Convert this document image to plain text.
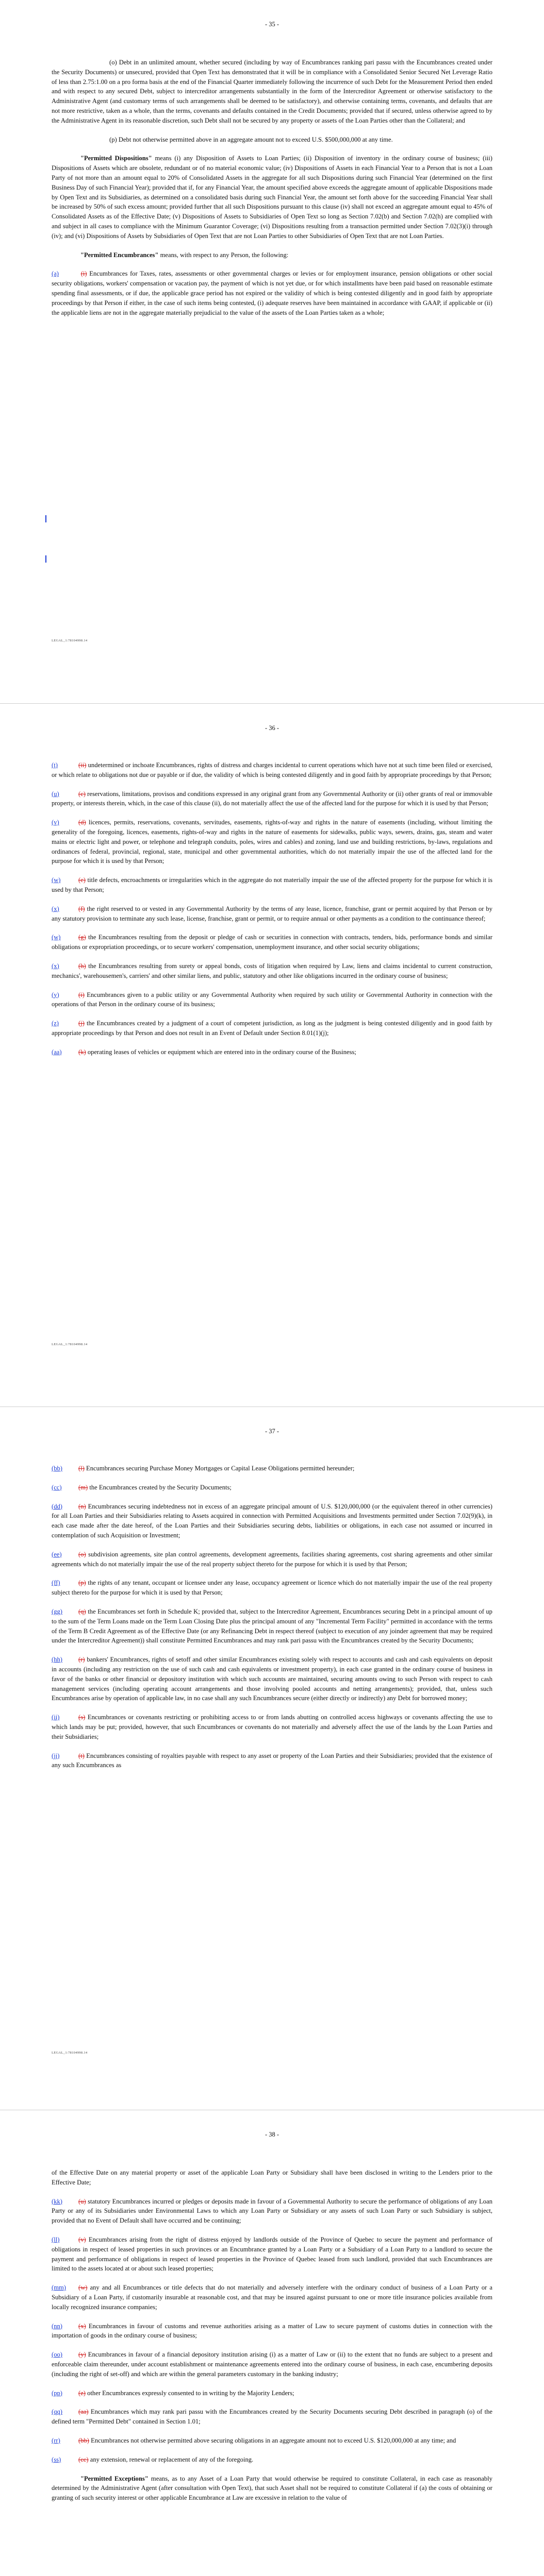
- 35 -

(o) Debt in an unlimited amount, whether secured (including by way of Encumbrances ranking pari passu with the Encumbrances created under the Security Documents) or unsecured, provided that Open Text has demonstrated that it will be in compliance with a Consolidated Senior Secured Net Leverage Ratio of less than 2.75:1.00 on a pro forma basis at the end of the Financial Quarter immediately following the incurrence of such Debt for the Measurement Period then ended and with respect to any secured Debt, subject to intercreditor arrangements substantially in the form of the Intercreditor Agreement or otherwise satisfactory to the Administrative Agent (and customary terms of such arrangements shall be deemed to be satisfactory), and otherwise containing terms, covenants, and defaults that are not more restrictive, taken as a whole, than the terms, covenants and defaults contained in the Credit Documents; provided that if secured, unless otherwise agreed to by the Administrative Agent in its reasonable discretion, such Debt shall not be secured by any property or assets of the Loan Parties other than the Collateral; and

(p) Debt not otherwise permitted above in an aggregate amount not to exceed U.S. $500,000,000 at any time.

"Permitted Dispositions" means (i) any Disposition of Assets to Loan Parties; (ii) Disposition of inventory in the ordinary course of business; (iii) Dispositions of Assets which are obsolete, redundant or of no material economic value; (iv) Dispositions of Assets in each Financial Year to a Person that is not a Loan Party of not more than an amount equal to 20% of Consolidated Assets in the aggregate for all such Dispositions during such Financial Year (determined on the first Business Day of such Financial Year); provided that if, for any Financial Year, the amount specified above exceeds the aggregate amount of applicable Dispositions made by Open Text and its Subsidiaries, as determined on a consolidated basis during such Financial Year, the amount set forth above for the succeeding Financial Year shall be increased by 50% of such excess amount; provided further that all such Dispositions pursuant to this clause (iv) shall not exceed an aggregate amount equal to 45% of Consolidated Assets as of the Effective Date; (v) Dispositions of Assets to Subsidiaries of Open Text so long as Section 7.02(b) and Section 7.02(h) are complied with and subject in all cases to compliance with the Minimum Guarantor Coverage; (vi) Dispositions resulting from a transaction permitted under Section 7.02(3)(i) through (iv); and (vi) Dispositions of Assets by Subsidiaries of Open Text that are not Loan Parties to other Subsidiaries of Open Text that are not Loan Parties.

"Permitted Encumbrances" means, with respect to any Person, the following:

(a)	(i) Encumbrances for Taxes, rates, assessments or other governmental charges or levies or for employment insurance, pension obligations or other social security obligations, workers' compensation or vacation pay, the payment of which is not yet due, or for which installments have been paid based on reasonable estimate spending final assessments, or if due, the applicable grace period has not expired or the validity of which is being contested diligently and in good faith by appropriate proceedings by that Person if either, in the case of such items being contested, (i) adequate reserves have been maintained in accordance with GAAP, if applicable or (ii) the applicable liens are not in the aggregate materially prejudicial to the value of the assets of the Loan Parties taken as a whole;

LEGAL_1:78104998.14
- 36 -

(t)	(ii) undetermined or inchoate Encumbrances, rights of distress and charges incidental to current operations which have not at such time been filed or exercised, or which relate to obligations not due or payable or if due, the validity of which is being contested diligently and in good faith by appropriate proceedings by that Person;

(u)	(c) reservations, limitations, provisos and conditions expressed in any original grant from any Governmental Authority or (ii) other grants of real or immovable property, or interests therein, which, in the case of this clause (ii), do not materially affect the use of the affected land for the purpose for which it is used by that Person;

(v)	(d) licences, permits, reservations, covenants, servitudes, easements, rights-of-way and rights in the nature of easements (including, without limiting the generality of the foregoing, licences, easements, rights-of-way and rights in the nature of easements for sidewalks, public ways, sewers, drains, gas, steam and water mains or electric light and power, or telephone and telegraph conduits, poles, wires and cables) and zoning, land use and building restrictions, by-laws, regulations and ordinances of federal, provincial, regional, state, municipal and other governmental authorities, which do not materially impair the use of the affected land for the purpose for which it is used by that Person;

(w)	(e) title defects, encroachments or irregularities which in the aggregate do not materially impair the use of the affected property for the purpose for which it is used by that Person;

(x)	(f) the right reserved to or vested in any Governmental Authority by the terms of any lease, licence, franchise, grant or permit acquired by that Person or by any statutory provision to terminate any such lease, license, franchise, grant or permit, or to require annual or other payments as a condition to the continuance thereof;

(w)	(g) the Encumbrances resulting from the deposit or pledge of cash or securities in connection with contracts, tenders, bids, performance bonds and similar obligations or expropriation proceedings, or to secure workers' compensation, unemployment insurance, and other social security obligations;

(x)	(h) the Encumbrances resulting from surety or appeal bonds, costs of litigation when required by Law, liens and claims incidental to current construction, mechanics', warehousemen's, carriers' and other similar liens, and public, statutory and other like obligations incurred in the ordinary course of business;

(y)	(i) Encumbrances given to a public utility or any Governmental Authority when required by such utility or Governmental Authority in connection with the operations of that Person in the ordinary course of its business;

(z)	(j) the Encumbrances created by a judgment of a court of competent jurisdiction, as long as the judgment is being contested diligently and in good faith by appropriate proceedings by that Person and does not result in an Event of Default under Section 8.01(1)(j);

(aa)	(k) operating leases of vehicles or equipment which are entered into in the ordinary course of the Business;

LEGAL_1:78104998.14
- 37 -

(bb) (l) Encumbrances securing Purchase Money Mortgages or Capital Lease Obligations permitted hereunder;

(cc)	(m) the Encumbrances created by the Security Documents;

(dd) (n) Encumbrances securing indebtedness not in excess of an aggregate principal amount of U.S. $120,000,000 (or the equivalent thereof in other currencies) for all Loan Parties and their Subsidiaries relating to Assets acquired in connection with Permitted Acquisitions and Investments permitted under Section 7.02(9)(k), in each case made after the date hereof, of the Loan Parties and their Subsidiaries securing debts, liabilities or obligations, in each case not assumed or incurred in contemplation of such Acquisition or Investment;

(ee)	(o) subdivision agreements, site plan control agreements, development agreements, facilities sharing agreements, cost sharing agreements and other similar agreements which do not materially impair the use of the real property subject thereto for the purpose for which it is used by that Person;

(ff)	(p) the rights of any tenant, occupant or licensee under any lease, occupancy agreement or licence which do not materially impair the use of the real property subject thereto for the purpose for which it is used by that Person;

(gg) (q) the Encumbrances set forth in Schedule K; provided that, subject to the Intercreditor Agreement, Encumbrances securing Debt in a principal amount of up to the sum of the Term Loans made on the Term Loan Closing Date plus the principal amount of any "Incremental Term Facility" permitted in accordance with the terms of the Term B Credit Agreement as of the Effective Date (or any Refinancing Debt in respect thereof (subject to execution of any joinder agreement that may be required under the Intercreditor Agreement)) shall constitute Permitted Encumbrances and may rank pari passu with the Encumbrances created by the Security Documents;

(hh) (r) bankers' Encumbrances, rights of setoff and other similar Encumbrances existing solely with respect to accounts and cash and cash equivalents on deposit in accounts (including any restriction on the use of such cash and cash equivalents or investment property), in each case granted in the ordinary course of business in favor of the banks or other financial or depository institution with which such accounts are maintained, securing amounts owing to such Person with respect to cash management services (including operating account arrangements and those involving pooled accounts and netting arrangements); provided, that, unless such Encumbrances arise by operation of applicable law, in no case shall any such Encumbrances secure (either directly or indirectly) any Debt for borrowed money;

(ii)	(s) Encumbrances or covenants restricting or prohibiting access to or from lands abutting on controlled access highways or covenants affecting the use to which lands may be put; provided, however, that such Encumbrances or covenants do not materially and adversely affect the use of the lands by the Loan Parties and their Subsidiaries;

(jj)	(t) Encumbrances consisting of royalties payable with respect to any asset or property of the Loan Parties and their Subsidiaries; provided that the existence of any such Encumbrances as

LEGAL_1:78104998.14
- 38 -

of the Effective Date on any material property or asset of the applicable Loan Party or Subsidiary shall have been disclosed in writing to the Lenders prior to the Effective Date;

(kk) (u) statutory Encumbrances incurred or pledges or deposits made in favour of a Governmental Authority to secure the performance of obligations of any Loan Party or any of its Subsidiaries under Environmental Laws to which any Loan Party or Subsidiary or any assets of such Loan Party or such Subsidiary is subject, provided that no Event of Default shall have occurred and be continuing;

(ll)	(v) Encumbrances arising from the right of distress enjoyed by landlords outside of the Province of Quebec to secure the payment and performance of obligations in respect of leased properties in such provinces or an Encumbrance granted by a Loan Party or a Subsidiary of a Loan Party to a landlord to secure the payment and performance of obligations in respect of leased properties in the Province of Quebec leased from such landlord, provided that such Encumbrances are limited to the assets located at or about such leased properties;

(mm) (w) any and all Encumbrances or title defects that do not materially and adversely interfere with the ordinary conduct of business of a Loan Party or a Subsidiary of a Loan Party, if customarily insurable at reasonable cost, and that may be insured against pursuant to one or more title insurance policies available from locally recognized insurance companies;

(nn) (x) Encumbrances in favour of customs and revenue authorities arising as a matter of Law to secure payment of customs duties in connection with the importation of goods in the ordinary course of business;

(oo) (y) Encumbrances in favour of a financial depository institution arising (i) as a matter of Law or (ii) to the extent that no funds are subject to a present and enforceable claim thereunder, under account establishment or maintenance agreements entered into the ordinary course of business, in each case, encumbering deposits (including the right of set-off) and which are within the general parameters customary in the banking industry;

(pp) (z) other Encumbrances expressly consented to in writing by the Majority Lenders;

(qq) (aa) Encumbrances which may rank pari passu with the Encumbrances created by the Security Documents securing Debt described in paragraph (o) of the defined term "Permitted Debt" contained in Section 1.01;

(rr)	(bb) Encumbrances not otherwise permitted above securing obligations in an aggregate amount not to exceed U.S. $120,000,000 at any time; and

(ss)	(cc) any extension, renewal or replacement of any of the foregoing.

"Permitted Exceptions" means, as to any Asset of a Loan Party that would otherwise be required to constitute Collateral, in each case as reasonably determined by the Administrative Agent (after consultation with Open Text), that such Asset shall not be required to constitute Collateral if (a) the costs of obtaining or granting of such security interest or other applicable Encumbrance at Law are excessive in relation to the value of
